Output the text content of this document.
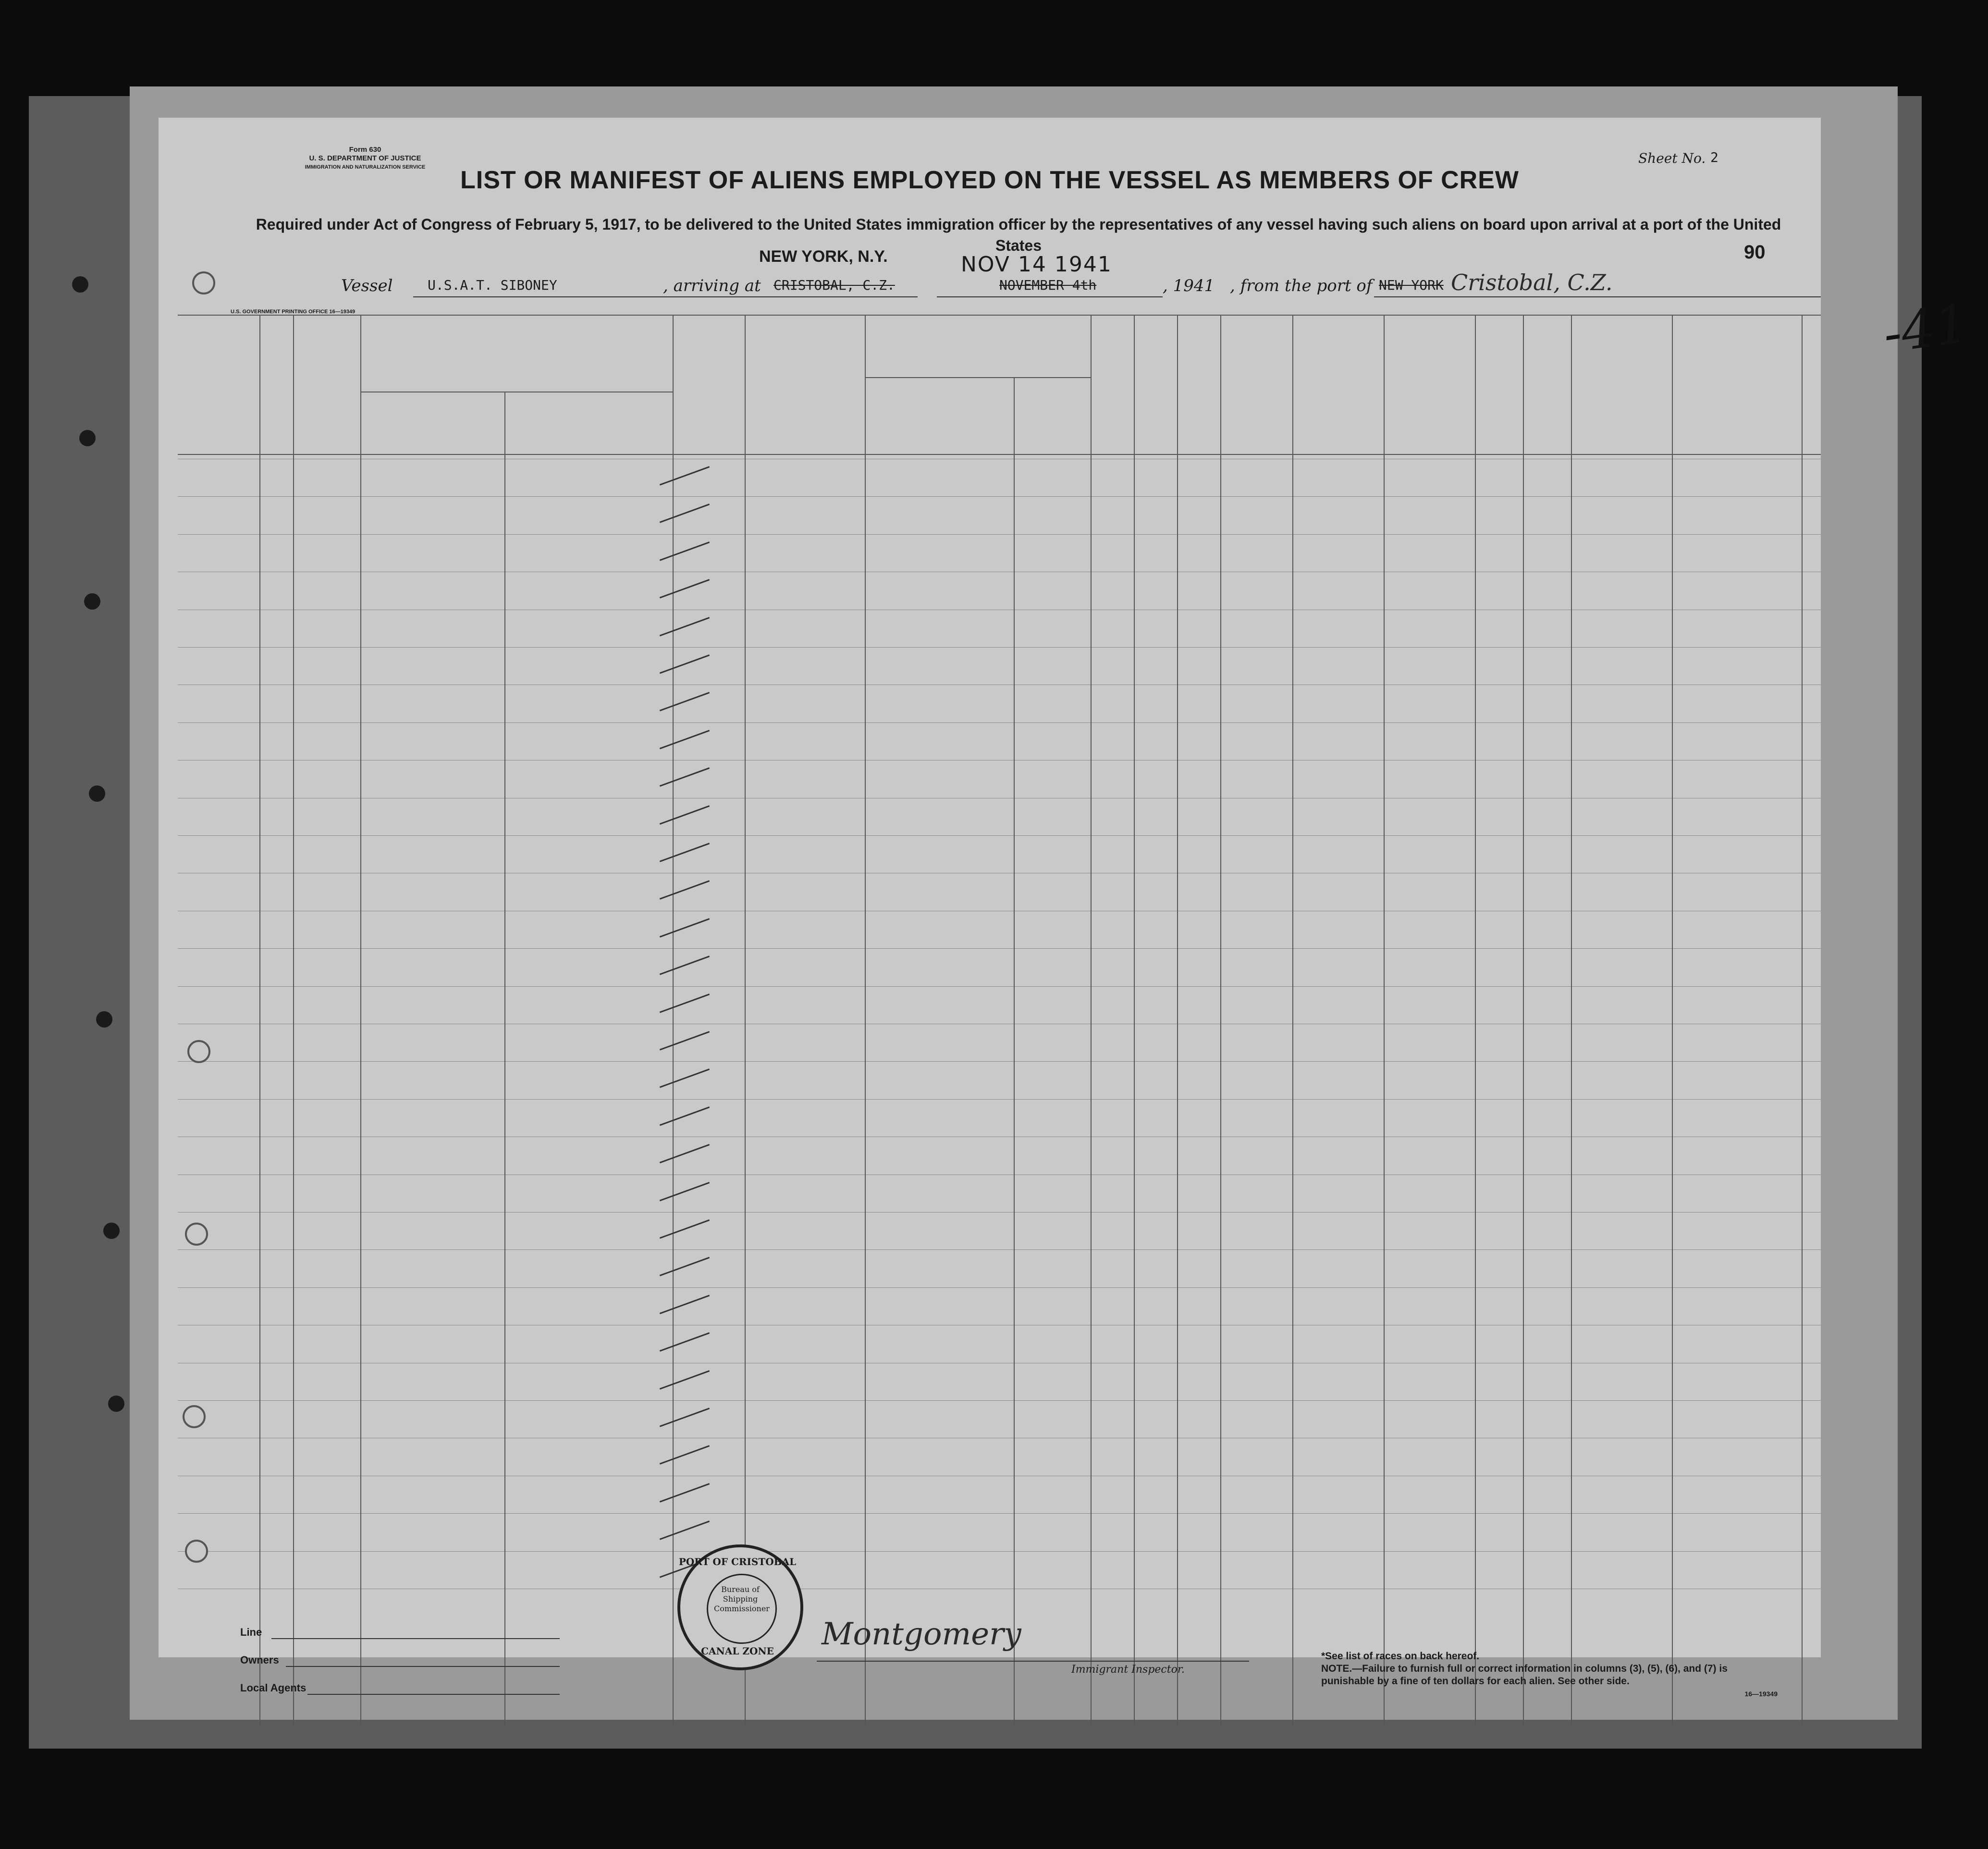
Form 630
U. S. DEPARTMENT OF JUSTICE
IMMIGRATION AND NATURALIZATION SERVICE
Sheet No. 2
LIST OR MANIFEST OF ALIENS EMPLOYED ON THE VESSEL AS MEMBERS OF CREW
Required under Act of Congress of February 5, 1917, to be delivered to the United States immigration officer by the representatives of any vessel having such aliens on board upon arrival at a port of the United States	90
Vessel	U.S.A.T. SIBONEY	, arriving at
NEW YORK, N.Y.
CRISTOBAL, C.Z.
NOV 14 1941
NOVEMBER 4th	, 1941 , from the port of NEW YORK Cristobal, C.Z.
U.S. GOVERNMENT PRINTING OFFICE 16—19349
Line
Owners
Local Agents
PORT OF CRISTOBAL
Bureau of Shipping Commissioner
CANAL ZONE	Montgomery
Immigrant Inspector.
*See list of races on back hereof.
NOTE.—Failure to furnish full or correct information in columns (3), (5), (6), and (7) is punishable by a fine of ten dollars for each alien. See other side.
16—19349
-41
